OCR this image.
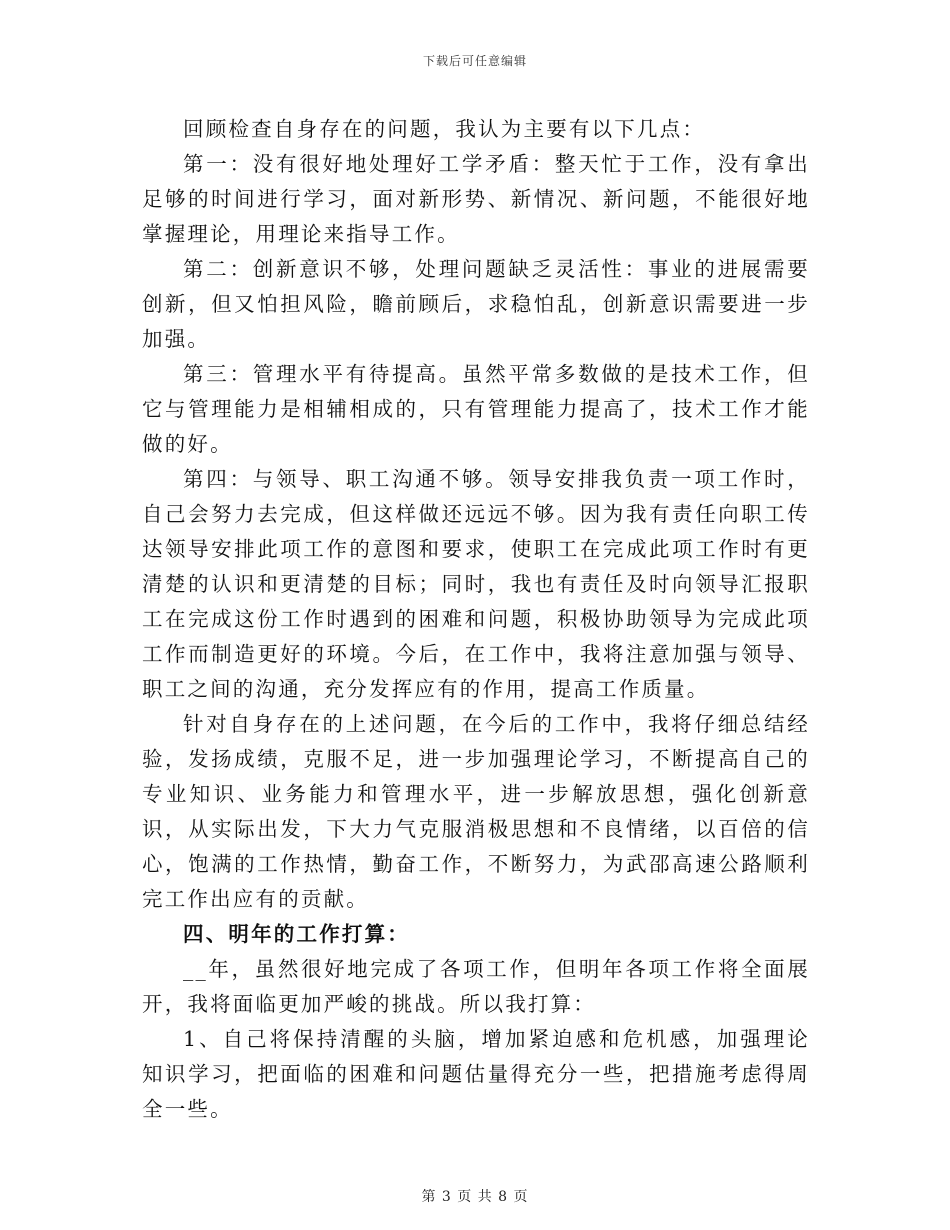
下载后可任意编辑

回顾检查自身存在的问题，我认为主要有以下几点：

第一：没有很好地处理好工学矛盾：整天忙于工作，没有拿出足够的时间进行学习，面对新形势、新情况、新问题，不能很好地掌握理论，用理论来指导工作。

第二：创新意识不够，处理问题缺乏灵活性：事业的进展需要创新，但又怕担风险，瞻前顾后，求稳怕乱，创新意识需要进一步加强。

第三：管理水平有待提高。虽然平常多数做的是技术工作，但它与管理能力是相辅相成的，只有管理能力提高了，技术工作才能做的好。

第四：与领导、职工沟通不够。领导安排我负责一项工作时，自己会努力去完成，但这样做还远远不够。因为我有责任向职工传达领导安排此项工作的意图和要求，使职工在完成此项工作时有更清楚的认识和更清楚的目标；同时，我也有责任及时向领导汇报职工在完成这份工作时遇到的困难和问题，积极协助领导为完成此项工作而制造更好的环境。今后，在工作中，我将注意加强与领导、职工之间的沟通，充分发挥应有的作用，提高工作质量。

针对自身存在的上述问题，在今后的工作中，我将仔细总结经验，发扬成绩，克服不足，进一步加强理论学习，不断提高自己的专业知识、业务能力和管理水平，进一步解放思想，强化创新意识，从实际出发，下大力气克服消极思想和不良情绪，以百倍的信心，饱满的工作热情，勤奋工作，不断努力，为武邵高速公路顺利完工作出应有的贡献。

四、明年的工作打算：

__年，虽然很好地完成了各项工作，但明年各项工作将全面展开，我将面临更加严峻的挑战。所以我打算：

1、自己将保持清醒的头脑，增加紧迫感和危机感，加强理论知识学习，把面临的困难和问题估量得充分一些，把措施考虑得周全一些。

第 3 页 共 8 页
